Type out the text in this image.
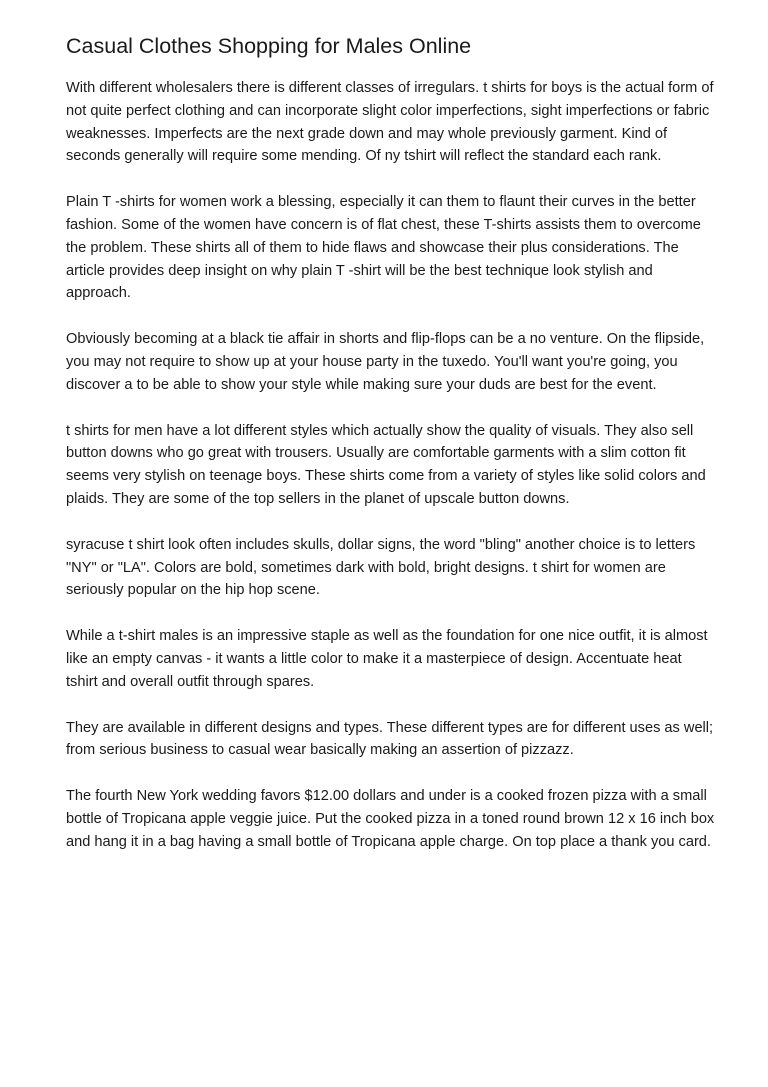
Casual Clothes Shopping for Males Online

With different wholesalers there is different classes of irregulars. t shirts for boys is the actual form of not quite perfect clothing and can incorporate slight color imperfections, sight imperfections or fabric weaknesses. Imperfects are the next grade down and may whole previously garment. Kind of seconds generally will require some mending. Of ny tshirt will reflect the standard each rank.

Plain T -shirts for women work a blessing, especially it can them to flaunt their curves in the better fashion. Some of the women have concern is of flat chest, these T-shirts assists them to overcome the problem. These shirts all of them to hide flaws and showcase their plus considerations. The article provides deep insight on why plain T -shirt will be the best technique look stylish and approach.

Obviously becoming at a black tie affair in shorts and flip-flops can be a no venture. On the flipside, you may not require to show up at your house party in the tuxedo. You'll want you're going, you discover a to be able to show your style while making sure your duds are best for the event.

t shirts for men have a lot different styles which actually show the quality of visuals. They also sell button downs who go great with trousers. Usually are comfortable garments with a slim cotton fit seems very stylish on teenage boys. These shirts come from a variety of styles like solid colors and plaids. They are some of the top sellers in the planet of upscale button downs.

syracuse t shirt look often includes skulls, dollar signs, the word "bling" another choice is to letters "NY" or "LA". Colors are bold, sometimes dark with bold, bright designs. t shirt for women are seriously popular on the hip hop scene.

While a t-shirt males is an impressive staple as well as the foundation for one nice outfit, it is almost like an empty canvas - it wants a little color to make it a masterpiece of design. Accentuate heat tshirt and overall outfit through spares.

They are available in different designs and types. These different types are for different uses as well; from serious business to casual wear basically making an assertion of pizzazz.

The fourth New York wedding favors $12.00 dollars and under is a cooked frozen pizza with a small bottle of Tropicana apple veggie juice. Put the cooked pizza in a toned round brown 12 x 16 inch box and hang it in a bag having a small bottle of Tropicana apple charge. On top place a thank you card.
